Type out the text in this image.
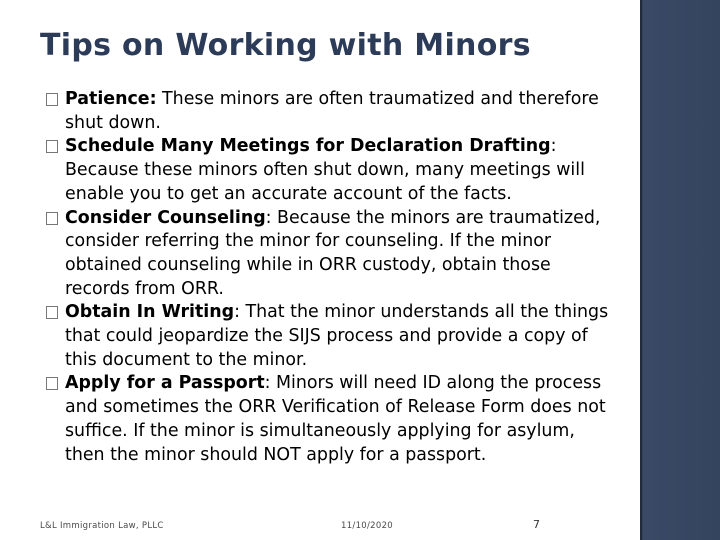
Tips on Working with Minors
Patience: These minors are often traumatized and therefore shut down.
Schedule Many Meetings for Declaration Drafting: Because these minors often shut down, many meetings will enable you to get an accurate account of the facts.
Consider Counseling: Because the minors are traumatized, consider referring the minor for counseling. If the minor obtained counseling while in ORR custody, obtain those records from ORR.
Obtain In Writing: That the minor understands all the things that could jeopardize the SIJS process and provide a copy of this document to the minor.
Apply for a Passport: Minors will need ID along the process and sometimes the ORR Verification of Release Form does not suffice. If the minor is simultaneously applying for asylum, then the minor should NOT apply for a passport.
L&L Immigration Law, PLLC	11/10/2020	7
